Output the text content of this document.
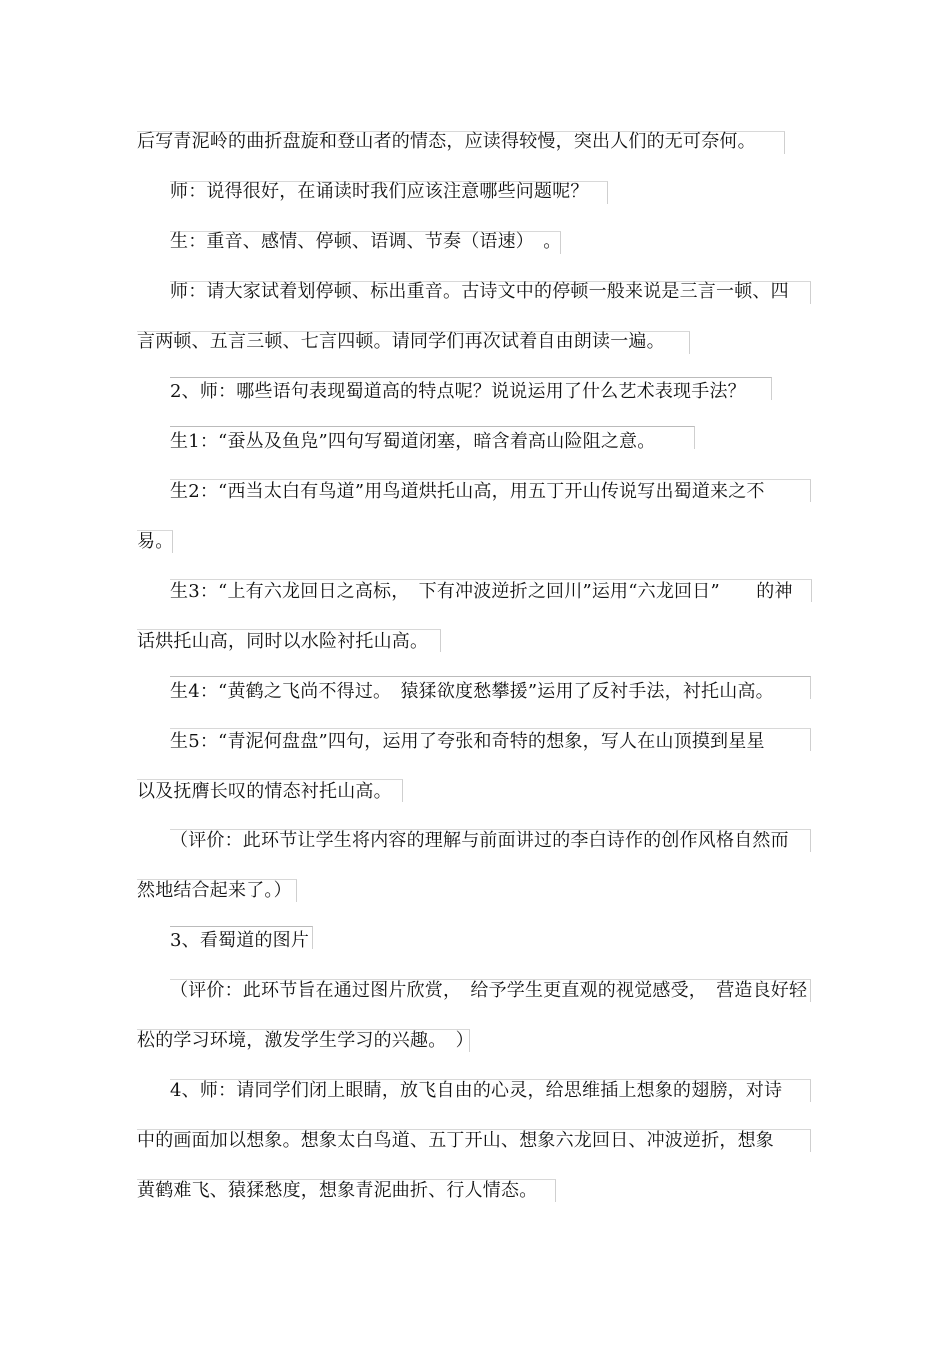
后写青泥岭的曲折盘旋和登山者的情态，应读得较慢，突出人们的无可奈何。
师：说得很好，在诵读时我们应该注意哪些问题呢？
生：重音、感情、停顿、语调、节奏（语速）　。
师：请大家试着划停顿、标出重音。古诗文中的停顿一般来说是三言一顿、四
言两顿、五言三顿、七言四顿。请同学们再次试着自由朗读一遍。
2、师：哪些语句表现蜀道高的特点呢？说说运用了什么艺术表现手法？
生1：“蚕丛及鱼凫”四句写蜀道闭塞，暗含着高山险阻之意。
生2：“西当太白有鸟道”用鸟道烘托山高，用五丁开山传说写出蜀道来之不
易。
生3：“上有六龙回日之高标，　下有冲波逆折之回川”运用“六龙回日”　　的神
话烘托山高，同时以水险衬托山高。
生4：“黄鹤之飞尚不得过。　猿猱欲度愁攀援”运用了反衬手法，衬托山高。
生5：“青泥何盘盘”四句，运用了夸张和奇特的想象，写人在山顶摸到星星
以及抚膺长叹的情态衬托山高。
（评价：此环节让学生将内容的理解与前面讲过的李白诗作的创作风格自然而
然地结合起来了。）
3、看蜀道的图片
（评价：此环节旨在通过图片欣赏，　给予学生更直观的视觉感受，　营造良好轻
松的学习环境，激发学生学习的兴趣。　）
4、师：请同学们闭上眼睛，放飞自由的心灵，给思维插上想象的翅膀，对诗
中的画面加以想象。想象太白鸟道、五丁开山、想象六龙回日、冲波逆折，想象
黄鹤难飞、猿猱愁度，想象青泥曲折、行人情态。
